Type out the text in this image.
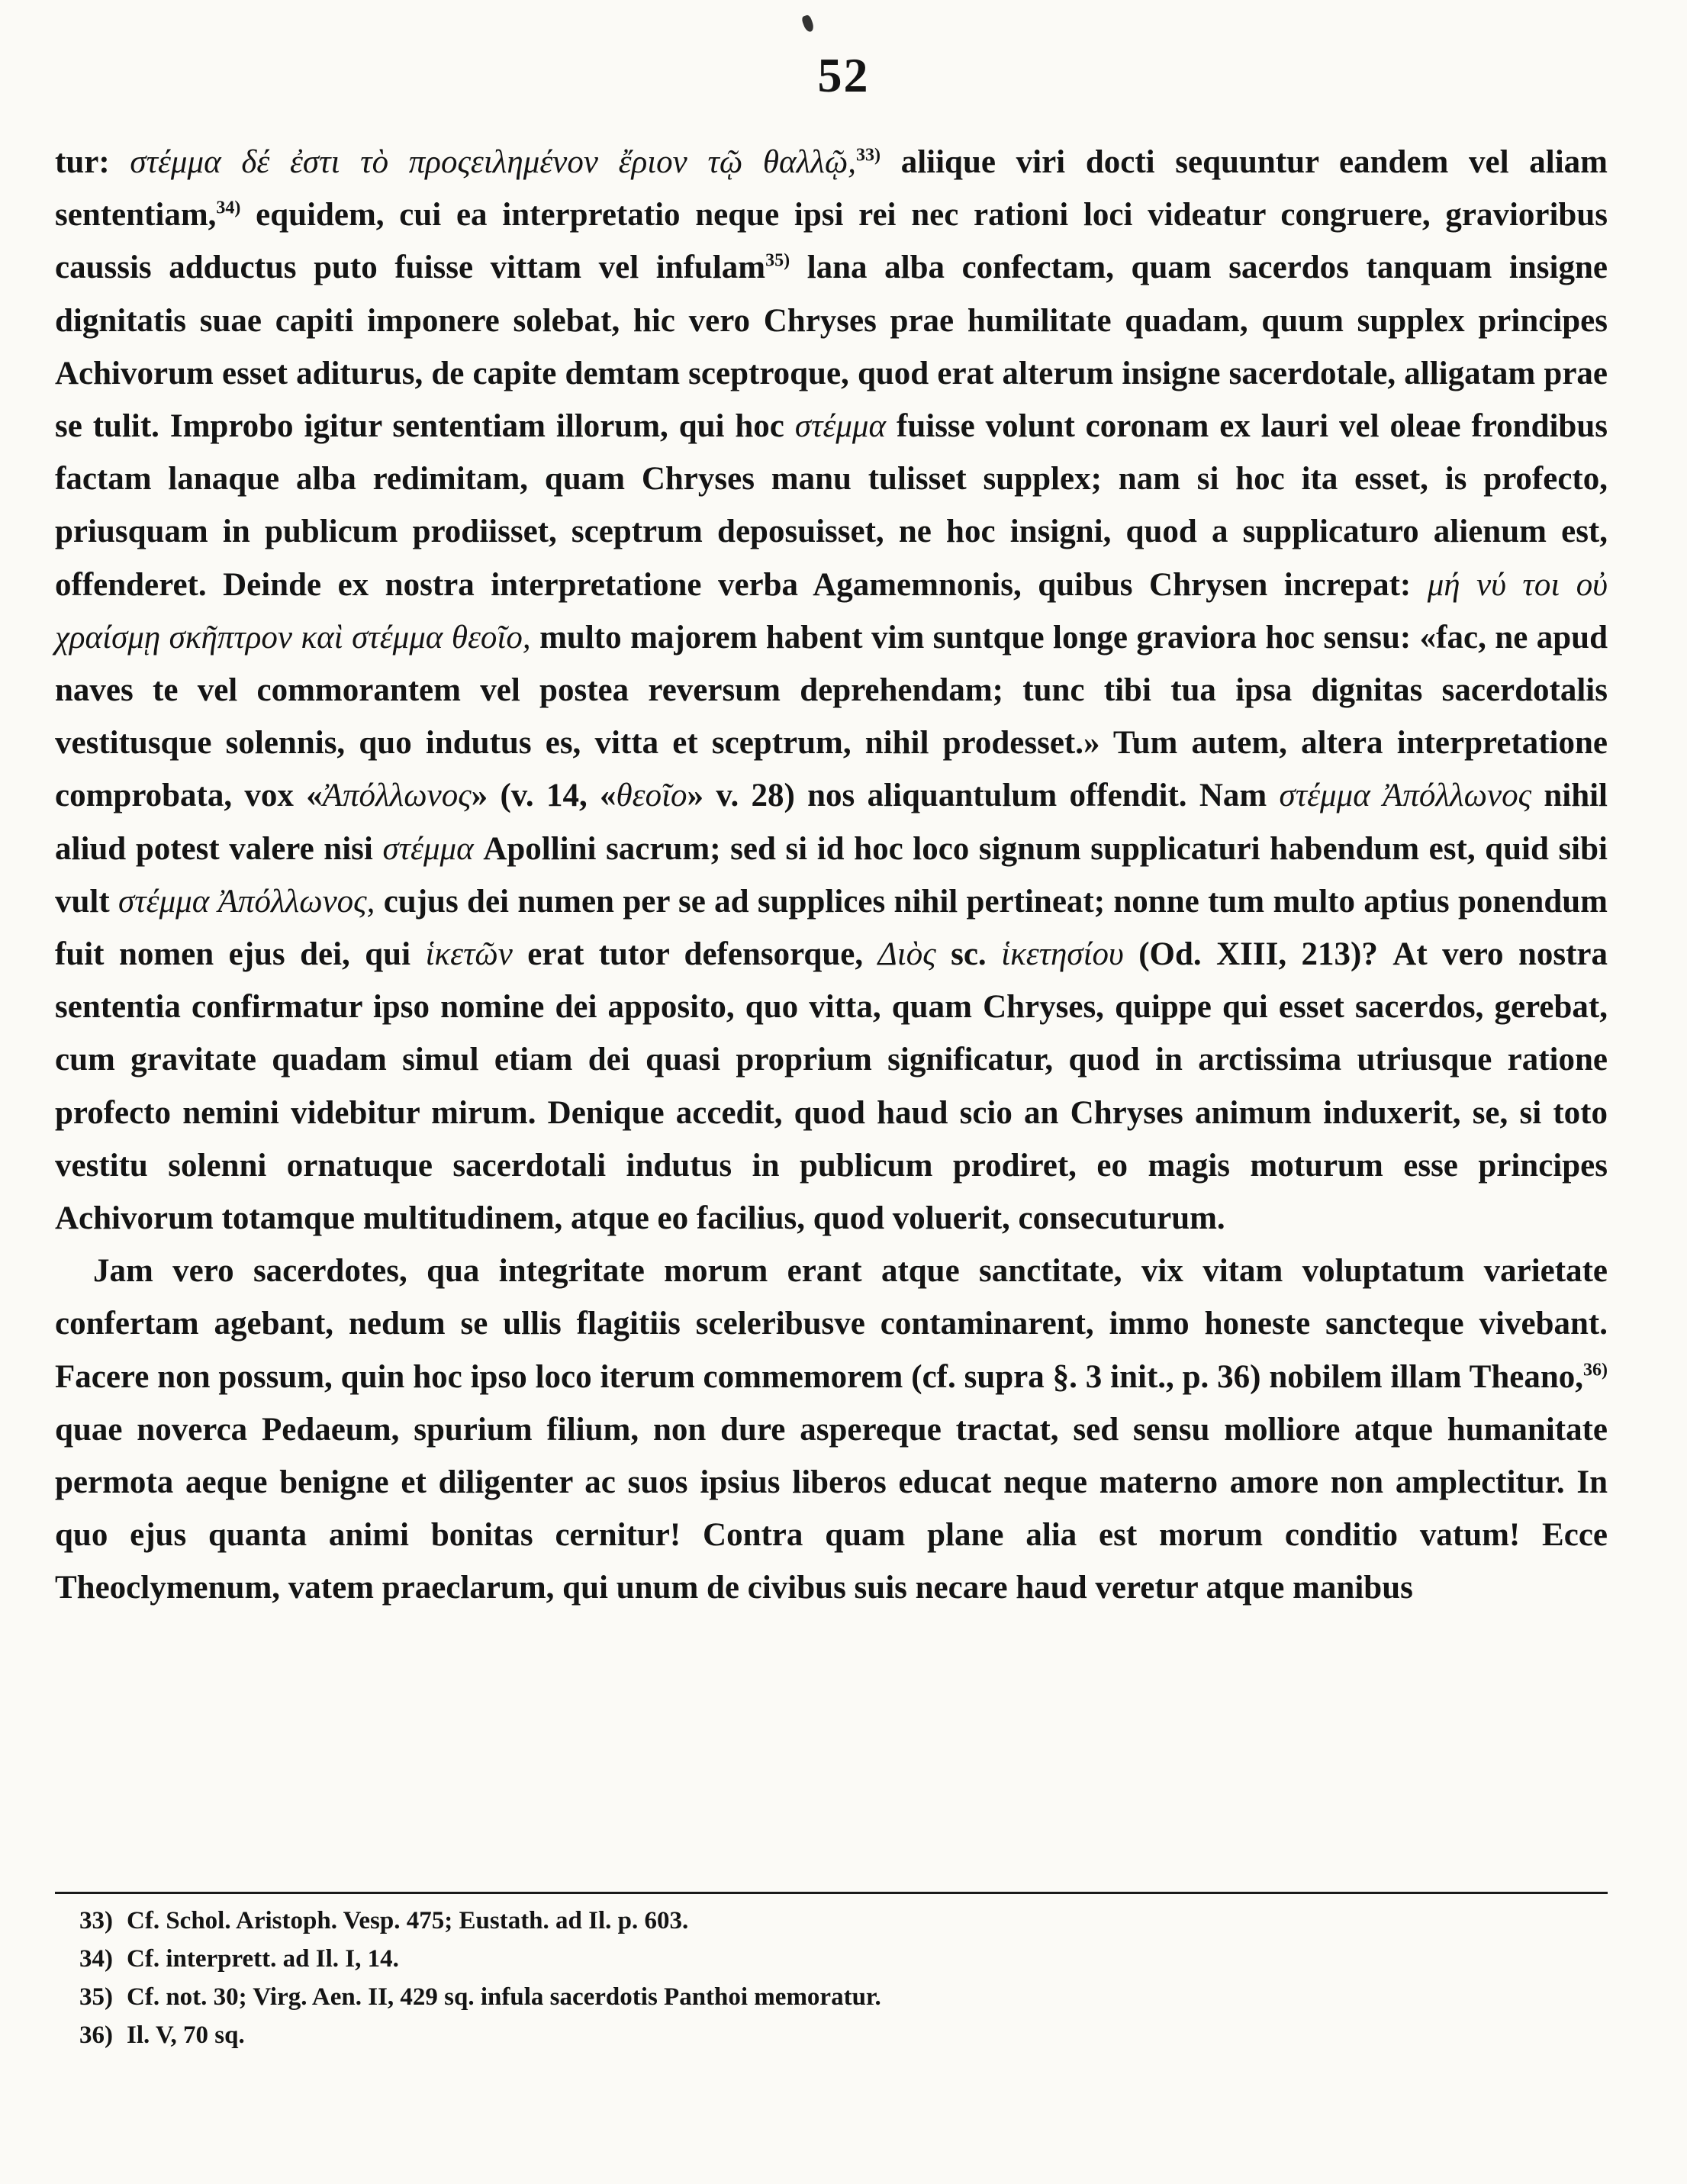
52

tur: στέμμα δέ ἐστι τὸ προςειλημένον ἔριον τῷ θαλλῷ,$^{33)}$ aliique viri docti sequuntur eandem vel aliam sententiam,$^{34)}$ equidem, cui ea interpretatio neque ipsi rei nec rationi loci videatur congruere, gravioribus caussis adductus puto fuisse vittam vel infulam$^{35)}$ lana alba confectam, quam sacerdos tanquam insigne dignitatis suae capiti imponere solebat, hic vero Chryses prae humilitate quadam, quum supplex principes Achivorum esset aditurus, de capite demtam sceptroque, quod erat alterum insigne sacerdotale, alligatam prae se tulit. Improbo igitur sententiam illorum, qui hoc στέμμα fuisse volunt coronam ex lauri vel oleae frondibus factam lanaque alba redimitam, quam Chryses manu tulisset supplex; nam si hoc ita esset, is profecto, priusquam in publicum prodiisset, sceptrum deposuisset, ne hoc insigni, quod a supplicaturo alienum est, offenderet. Deinde ex nostra interpretatione verba Agamemnonis, quibus Chrysen increpat: μή νύ τοι οὐ χραίσμῃ σκῆπτρον καὶ στέμμα θεοῖο, multo majorem habent vim suntque longe graviora hoc sensu: «fac, ne apud naves te vel commorantem vel postea reversum deprehendam; tunc tibi tua ipsa dignitas sacerdotalis vestitusque solennis, quo indutus es, vitta et sceptrum, nihil prodesset.» Tum autem, altera interpretatione comprobata, vox «Ἀπόλλωνος» (v. 14, «θεοῖο» v. 28) nos aliquantulum offendit. Nam στέμμα Ἀπόλλωνος nihil aliud potest valere nisi στέμμα Apollini sacrum; sed si id hoc loco signum supplicaturi habendum est, quid sibi vult στέμμα Ἀπόλλωνος, cujus dei numen per se ad supplices nihil pertineat; nonne tum multo aptius ponendum fuit nomen ejus dei, qui ἱκετῶν erat tutor defensorque, Διὸς sc. ἱκετησίου (Od. XIII, 213)? At vero nostra sententia confirmatur ipso nomine dei apposito, quo vitta, quam Chryses, quippe qui esset sacerdos, gerebat, cum gravitate quadam simul etiam dei quasi proprium significatur, quod in arctissima utriusque ratione profecto nemini videbitur mirum. Denique accedit, quod haud scio an Chryses animum induxerit, se, si toto vestitu solenni ornatuque sacerdotali indutus in publicum prodiret, eo magis moturum esse principes Achivorum totamque multitudinem, atque eo facilius, quod voluerit, consecuturum.

Jam vero sacerdotes, qua integritate morum erant atque sanctitate, vix vitam voluptatum varietate confertam agebant, nedum se ullis flagitiis sceleribusve contaminarent, immo honeste sancteque vivebant. Facere non possum, quin hoc ipso loco iterum commemorem (cf. supra §. 3 init., p. 36) nobilem illam Theano,$^{36)}$ quae noverca Pedaeum, spurium filium, non dure aspereque tractat, sed sensu molliore atque humanitate permota aeque benigne et diligenter ac suos ipsius liberos educat neque materno amore non amplectitur. In quo ejus quanta animi bonitas cernitur! Contra quam plane alia est morum conditio vatum! Ecce Theoclymenum, vatem praeclarum, qui unum de civibus suis necare haud veretur atque manibus

33) Cf. Schol. Aristoph. Vesp. 475; Eustath. ad Il. p. 603.
34) Cf. interprett. ad Il. I, 14.
35) Cf. not. 30; Virg. Aen. II, 429 sq. infula sacerdotis Panthoi memoratur.
36) Il. V, 70 sq.
